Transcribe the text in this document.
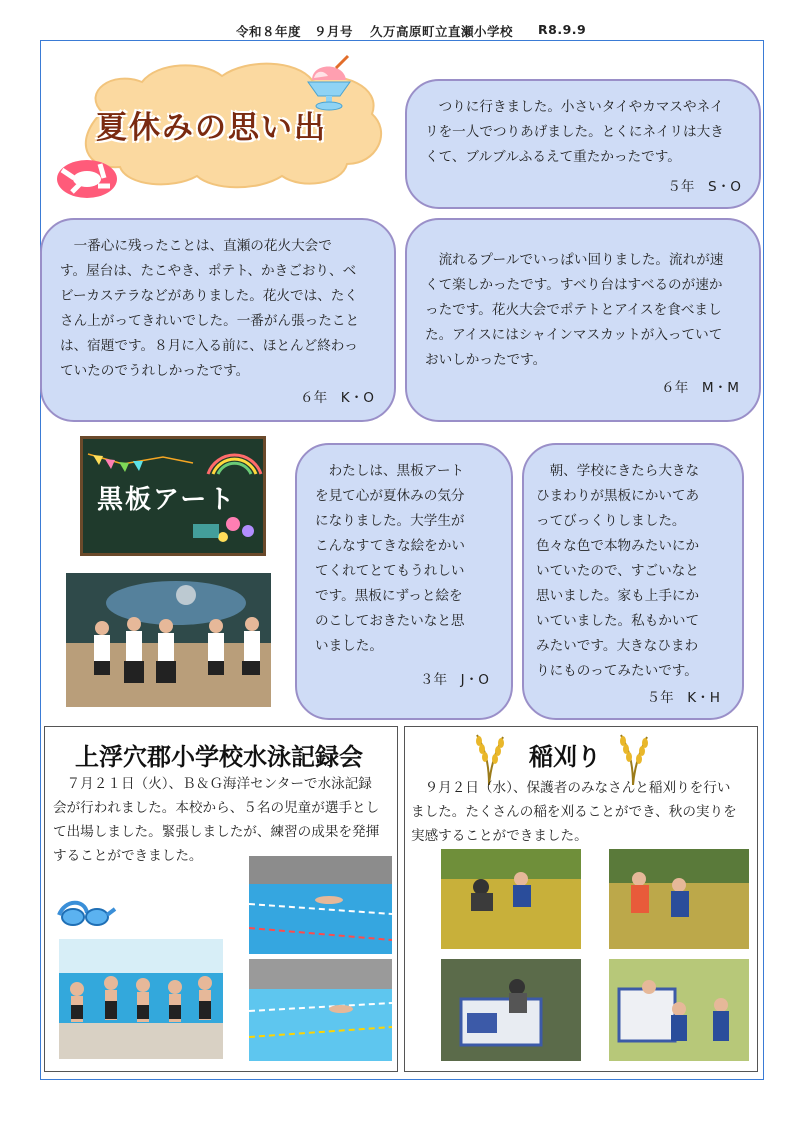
令和８年度　９月号 久万高原町立直瀬小学校 R8.9.9
夏休みの思い出
　つりに行きました。小さいタイやカマスやネイ
リを一人でつりあげました。とくにネイリは大き
くて、ブルブルふるえて重たかったです。
５年　S・O
　一番心に残ったことは、直瀬の花火大会で
す。屋台は、たこやき、ポテト、かきごおり、ベ
ビーカステラなどがありました。花火では、たく
さん上がってきれいでした。一番がん張ったこと
は、宿題です。８月に入る前に、ほとんど終わっ
ていたのでうれしかったです。
６年　K・O
　流れるプールでいっぱい回りました。流れが速
くて楽しかったです。すべり台はすべるのが速か
ったです。花火大会でポテトとアイスを食べまし
た。アイスにはシャインマスカットが入っていて
おいしかったです。
６年　M・M
黒板アート
　わたしは、黒板アート
を見て心が夏休みの気分
になりました。大学生が
こんなすてきな絵をかい
てくれてとてもうれしい
です。黒板にずっと絵を
のこしておきたいなと思
いました。
３年　J・O
　朝、学校にきたら大きな
ひまわりが黒板にかいてあ
ってびっくりしました。
色々な色で本物みたいにか
いていたので、すごいなと
思いました。家も上手にか
いていました。私もかいて
みたいです。大きなひまわ
りにものってみたいです。
５年　K・H
上浮穴郡小学校水泳記録会
　７月２１日（火）、Ｂ＆Ｇ海洋センターで水泳記録
会が行われました。本校から、５名の児童が選手とし
て出場しました。緊張しましたが、練習の成果を発揮
することができました。
稲刈り
　９月２日（水）、保護者のみなさんと稲刈りを行い
ました。たくさんの稲を刈ることができ、秋の実りを
実感することができました。
